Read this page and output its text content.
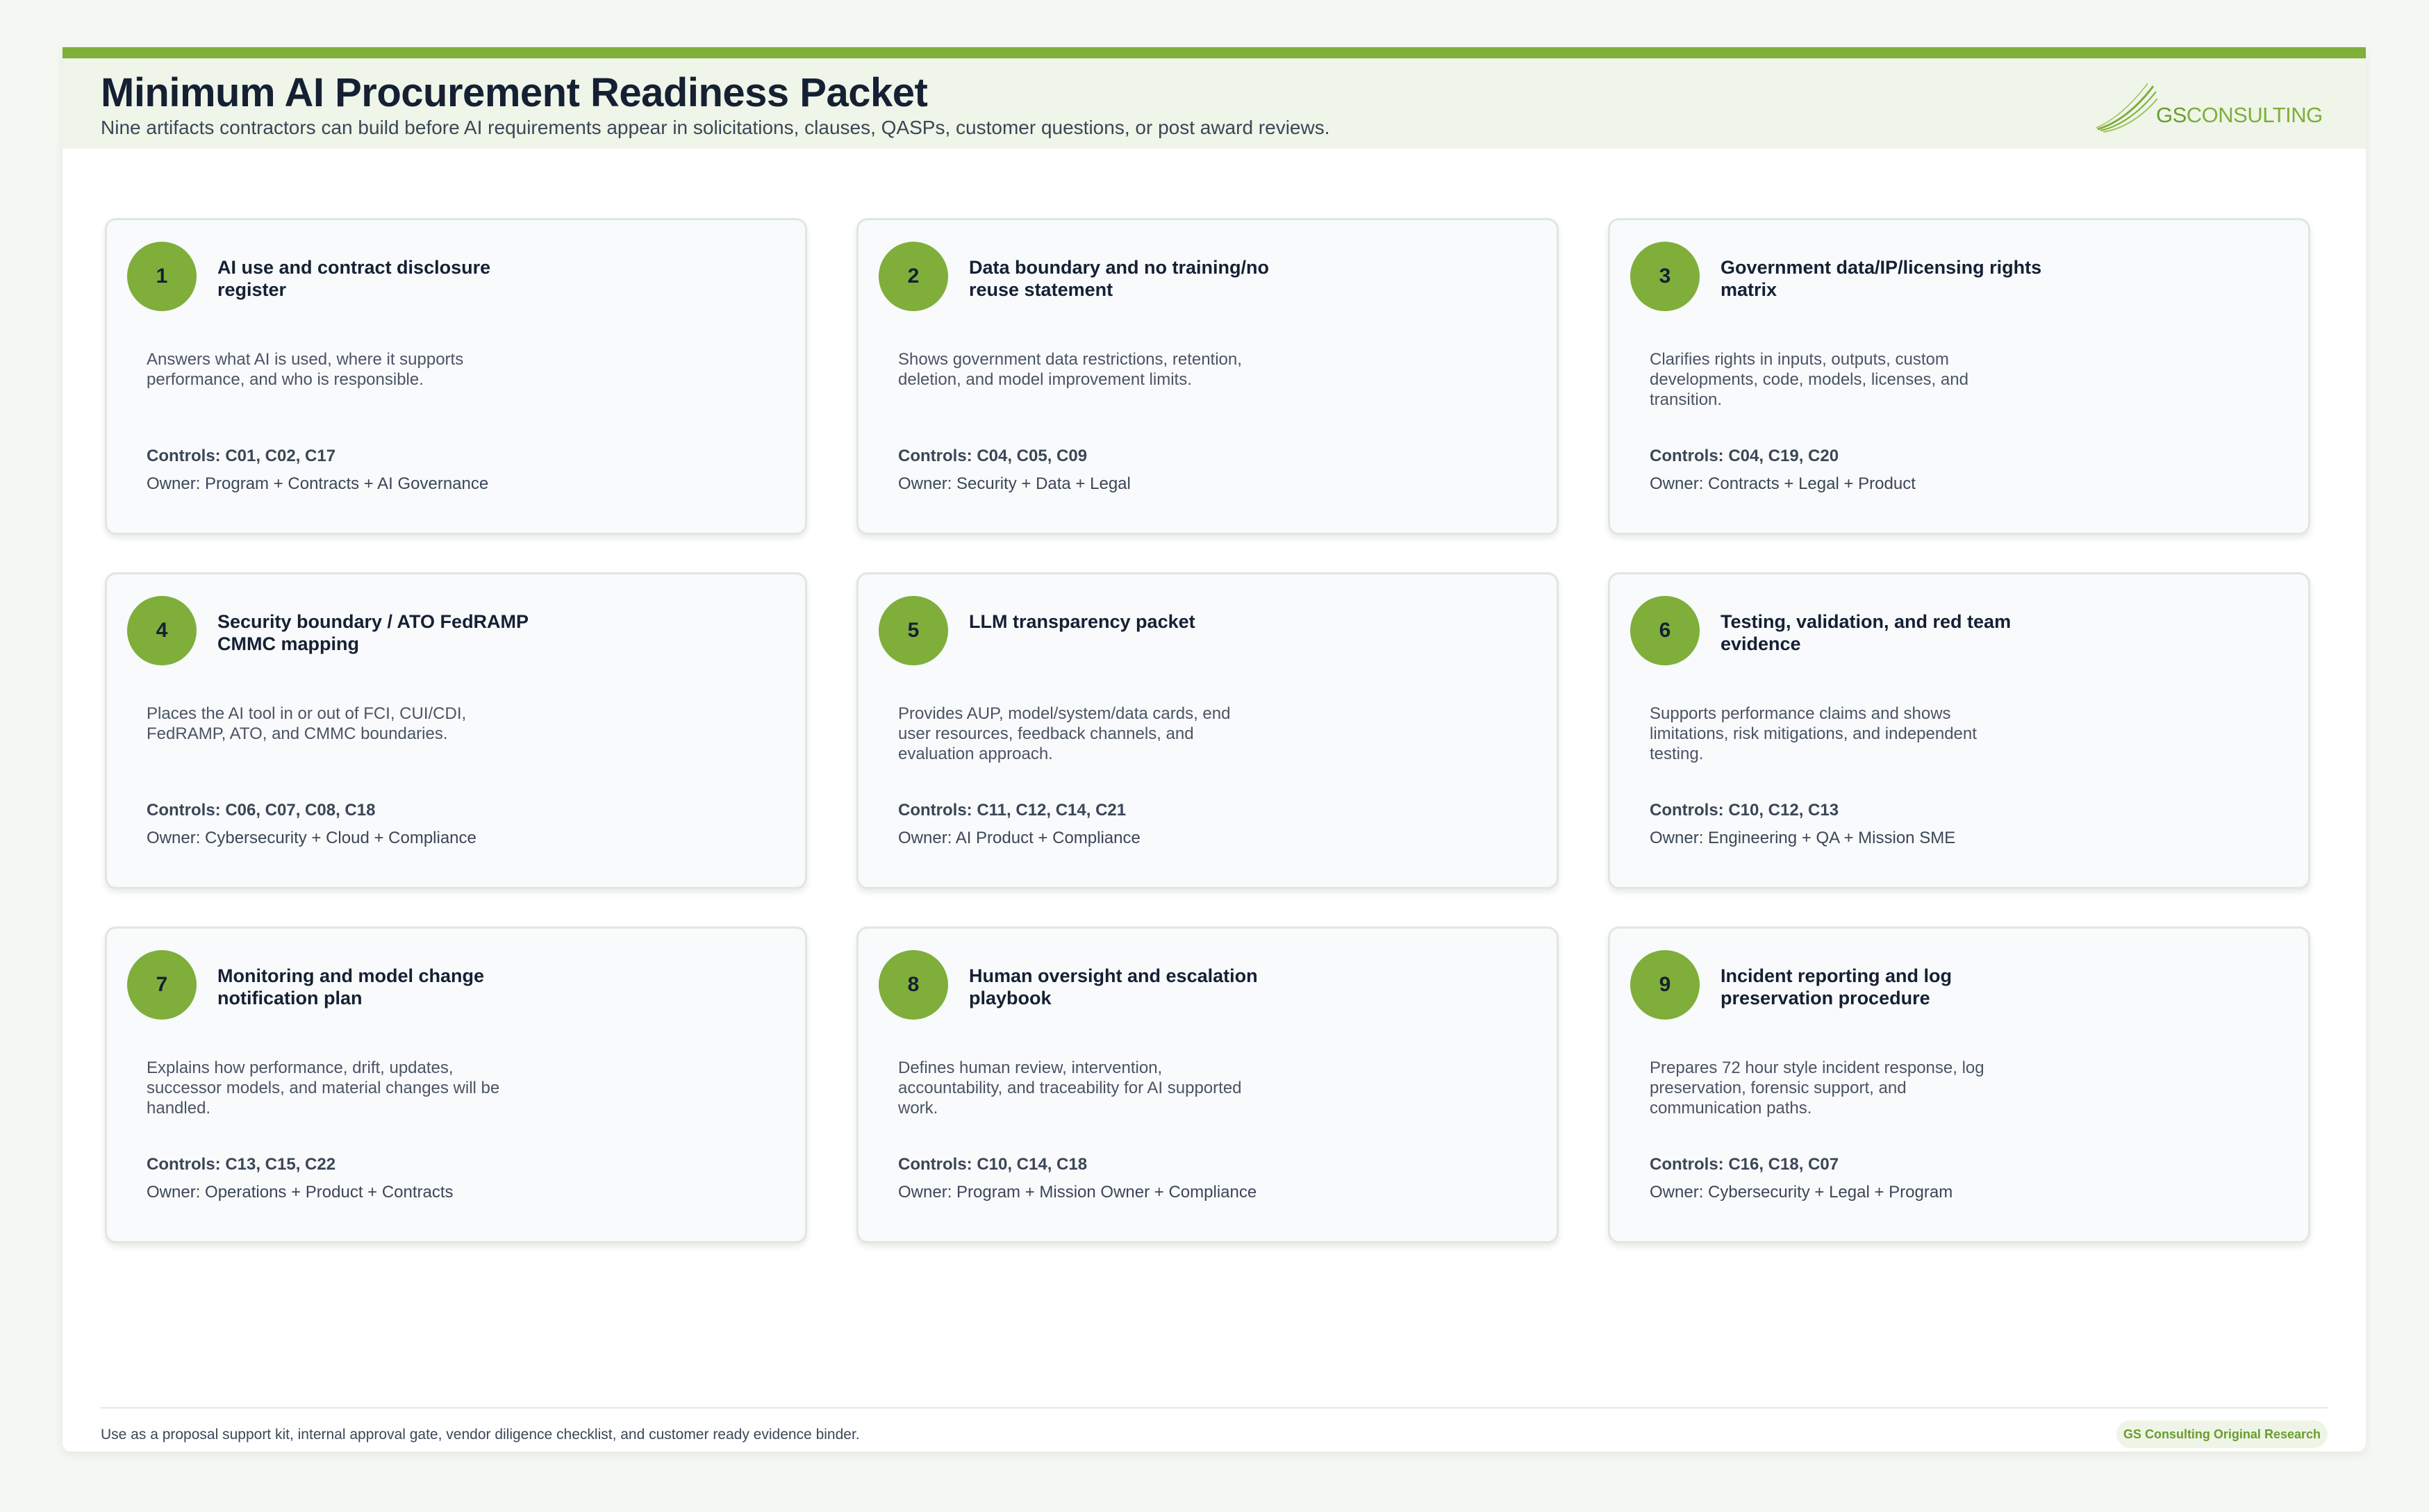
Minimum AI Procurement Readiness Packet

Nine artifacts contractors can build before AI requirements appear in solicitations, clauses, QASPs, customer questions, or post award reviews.

GSCONSULTING
1	AI use and contract disclosure register
Answers what AI is used, where it supports performance, and who is responsible.
Controls: C01, C02, C17
Owner: Program + Contracts + AI Governance
2	Data boundary and no training/no reuse statement
Shows government data restrictions, retention, deletion, and model improvement limits.
Controls: C04, C05, C09
Owner: Security + Data + Legal
3	Government data/IP/licensing rights matrix
Clarifies rights in inputs, outputs, custom developments, code, models, licenses, and transition.
Controls: C04, C19, C20
Owner: Contracts + Legal + Product
4	Security boundary / ATO FedRAMP CMMC mapping
Places the AI tool in or out of FCI, CUI/CDI, FedRAMP, ATO, and CMMC boundaries.
Controls: C06, C07, C08, C18
Owner: Cybersecurity + Cloud + Compliance
5	LLM transparency packet
Provides AUP, model/system/data cards, end user resources, feedback channels, and evaluation approach.
Controls: C11, C12, C14, C21
Owner: AI Product + Compliance
6	Testing, validation, and red team evidence
Supports performance claims and shows limitations, risk mitigations, and independent testing.
Controls: C10, C12, C13
Owner: Engineering + QA + Mission SME
7	Monitoring and model change notification plan
Explains how performance, drift, updates, successor models, and material changes will be handled.
Controls: C13, C15, C22
Owner: Operations + Product + Contracts
8	Human oversight and escalation playbook
Defines human review, intervention, accountability, and traceability for AI supported work.
Controls: C10, C14, C18
Owner: Program + Mission Owner + Compliance
9	Incident reporting and log preservation procedure
Prepares 72 hour style incident response, log preservation, forensic support, and communication paths.
Controls: C16, C18, C07
Owner: Cybersecurity + Legal + Program
Use as a proposal support kit, internal approval gate, vendor diligence checklist, and customer ready evidence binder.	GS Consulting Original Research
